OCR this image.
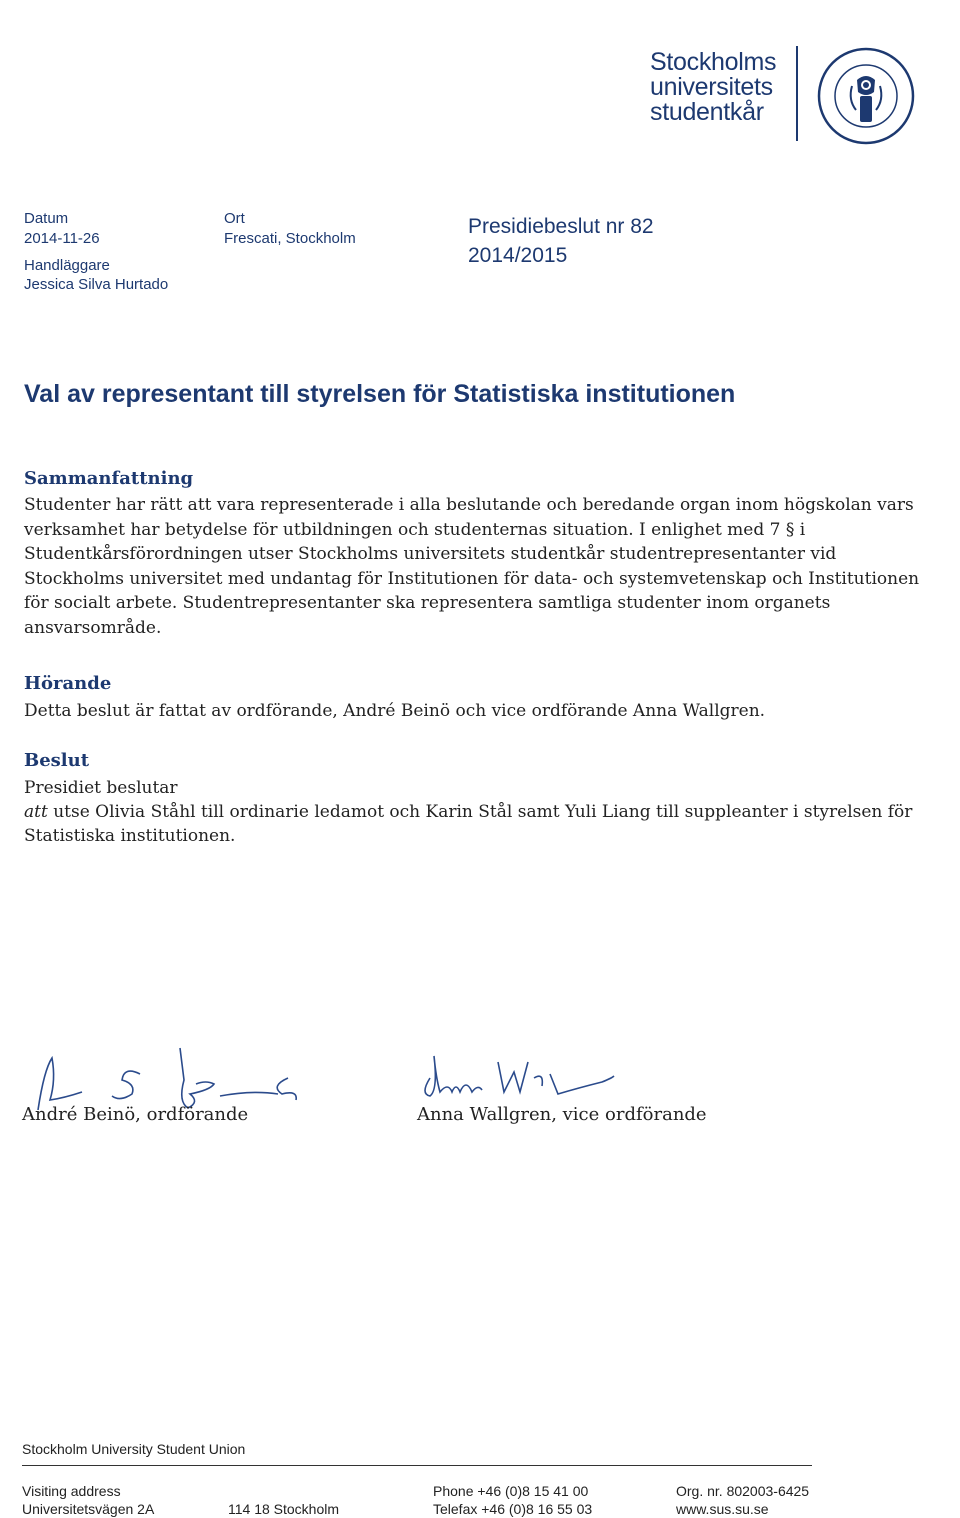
Stockholms
universitets
studentkår
Datum
2014-11-26
Handläggare
Jessica Silva Hurtado
Ort
Frescati, Stockholm
Presidiebeslut nr 82
2014/2015
Val av representant till styrelsen för Statistiska institutionen
Sammanfattning
Studenter har rätt att vara representerade i alla beslutande och beredande organ inom högskolan vars verksamhet har betydelse för utbildningen och studenternas situation. I enlighet med 7 § i Studentkårsförordningen utser Stockholms universitets studentkår studentrepresentanter vid Stockholms universitet med undantag för Institutionen för data- och systemvetenskap och Institutionen för socialt arbete. Studentrepresentanter ska representera samtliga studenter inom organets ansvarsområde.
Hörande
Detta beslut är fattat av ordförande, André Beinö och vice ordförande Anna Wallgren.
Beslut
Presidiet beslutar
att utse Olivia Ståhl till ordinarie ledamot och Karin Stål samt Yuli Liang till suppleanter i styrelsen för Statistiska institutionen.
André Beinö, ordförande	Anna Wallgren, vice ordförande
Stockholm University Student Union
Visiting address
Universitetsvägen 2A	114 18 Stockholm
Phone +46 (0)8 15 41 00
Telefax +46 (0)8 16 55 03
Org. nr. 802003-6425
www.sus.su.se
